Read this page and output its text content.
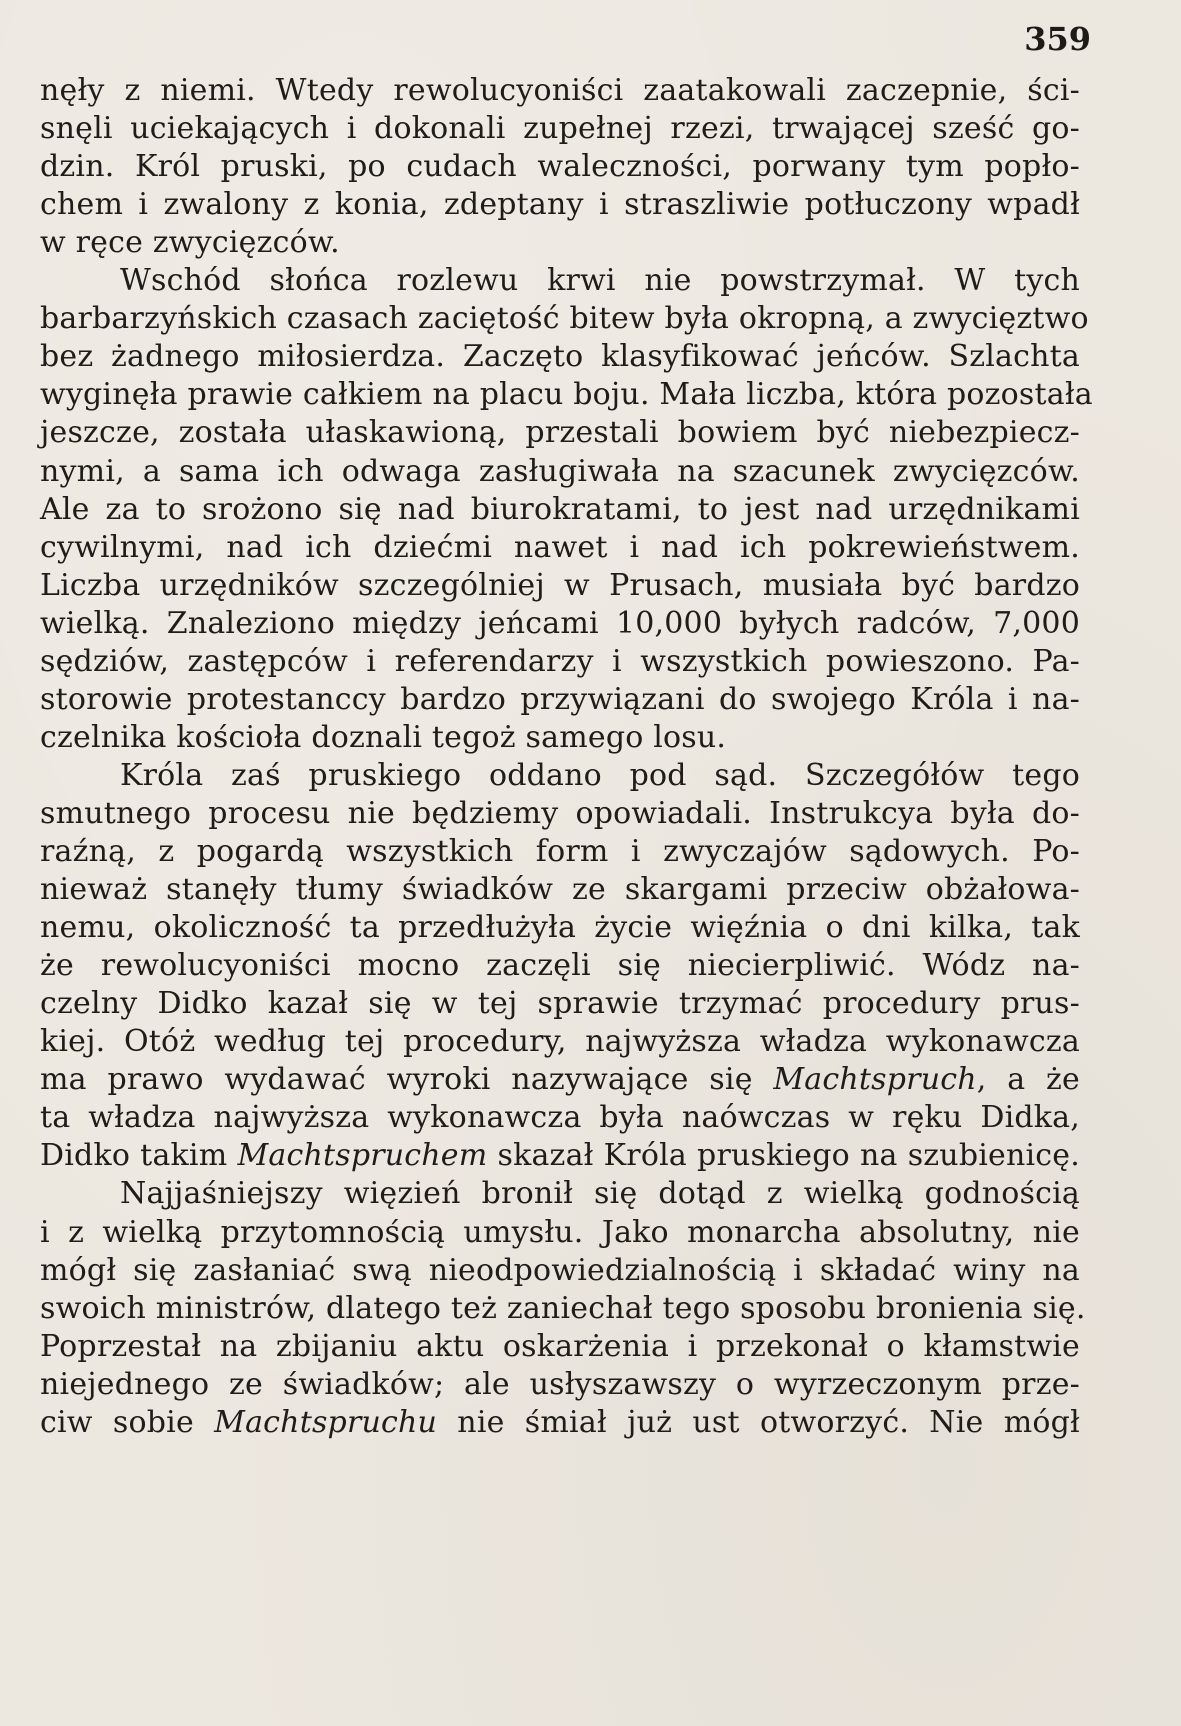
359
nęły z niemi. Wtedy rewolucyoniści zaatakowali zaczepnie, ści-
snęli uciekających i dokonali zupełnej rzezi, trwającej sześć go-
dzin. Król pruski, po cudach waleczności, porwany tym popło-
chem i zwalony z konia, zdeptany i straszliwie potłuczony wpadł
w ręce zwycięzców.
Wschód słońca rozlewu krwi nie powstrzymał. W tych
barbarzyńskich czasach zaciętość bitew była okropną, a zwycięztwo
bez żadnego miłosierdza. Zaczęto klasyfikować jeńców. Szlachta
wyginęła prawie całkiem na placu boju. Mała liczba, która pozostała
jeszcze, została ułaskawioną, przestali bowiem być niebezpiecz-
nymi, a sama ich odwaga zasługiwała na szacunek zwycięzców.
Ale za to srożono się nad biurokratami, to jest nad urzędnikami
cywilnymi, nad ich dziećmi nawet i nad ich pokrewieństwem.
Liczba urzędników szczególniej w Prusach, musiała być bardzo
wielką. Znaleziono między jeńcami 10,000 byłych radców, 7,000
sędziów, zastępców i referendarzy i wszystkich powieszono. Pa-
storowie protestanccy bardzo przywiązani do swojego Króla i na-
czelnika kościoła doznali tegoż samego losu.
Króla zaś pruskiego oddano pod sąd. Szczegółów tego
smutnego procesu nie będziemy opowiadali. Instrukcya była do-
raźną, z pogardą wszystkich form i zwyczajów sądowych. Po-
nieważ stanęły tłumy świadków ze skargami przeciw obżałowa-
nemu, okoliczność ta przedłużyła życie więźnia o dni kilka, tak
że rewolucyoniści mocno zaczęli się niecierpliwić. Wódz na-
czelny Didko kazał się w tej sprawie trzymać procedury prus-
kiej. Otóż według tej procedury, najwyższa władza wykonawcza
ma prawo wydawać wyroki nazywające się Machtspruch, a że
ta władza najwyższa wykonawcza była naówczas w ręku Didka,
Didko takim Machtspruchem skazał Króla pruskiego na szubienicę.
Najjaśniejszy więzień bronił się dotąd z wielką godnością
i z wielką przytomnością umysłu. Jako monarcha absolutny, nie
mógł się zasłaniać swą nieodpowiedzialnością i składać winy na
swoich ministrów, dlatego też zaniechał tego sposobu bronienia się.
Poprzestał na zbijaniu aktu oskarżenia i przekonał o kłamstwie
niejednego ze świadków; ale usłyszawszy o wyrzeczonym prze-
ciw sobie Machtspruchu nie śmiał już ust otworzyć. Nie mógł
